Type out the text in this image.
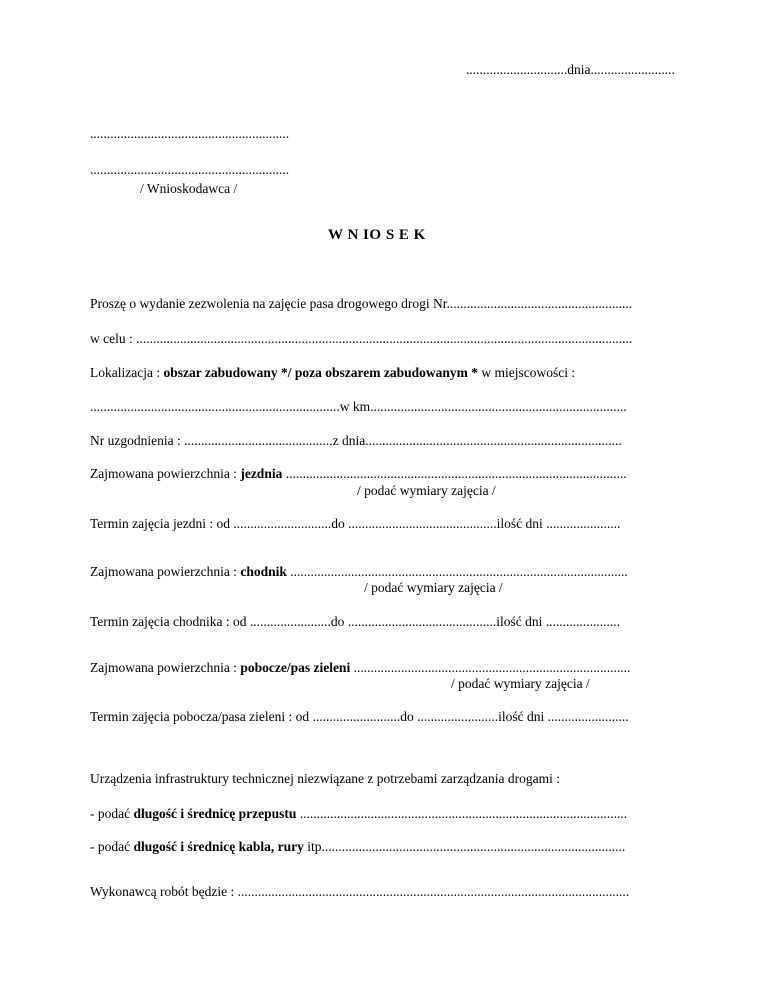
..............................dnia.........................
...........................................................
...........................................................
/ Wnioskodawca /
W N IO S E K
Proszę o wydanie zezwolenia na zajęcie pasa drogowego drogi Nr.......................................................
w celu : ...................................................................................................................................................
Lokalizacja : obszar zabudowany */ poza obszarem zabudowanym * w miejscowości :
..........................................................................w km............................................................................
Nr uzgodnienia : ............................................z dnia............................................................................
Zajmowana powierzchnia : jezdnia .....................................................................................................
/ podać wymiary zajęcia /
Termin zajęcia jezdni : od .............................do ............................................ilość dni ......................
Zajmowana powierzchnia : chodnik ....................................................................................................
/ podać wymiary zajęcia /
Termin zajęcia chodnika : od ........................do ............................................ilość dni ......................
Zajmowana powierzchnia : pobocze/pas zieleni ..................................................................................
/ podać wymiary zajęcia /
Termin zajęcia pobocza/pasa zieleni : od ..........................do ........................ilość dni ........................
Urządzenia infrastruktury technicznej niezwiązane z potrzebami zarządzania drogami :
- podać długość i średnicę przepustu .................................................................................................
- podać długość i średnicę kabla, rury itp..........................................................................................
Wykonawcą robót będzie : ....................................................................................................................
